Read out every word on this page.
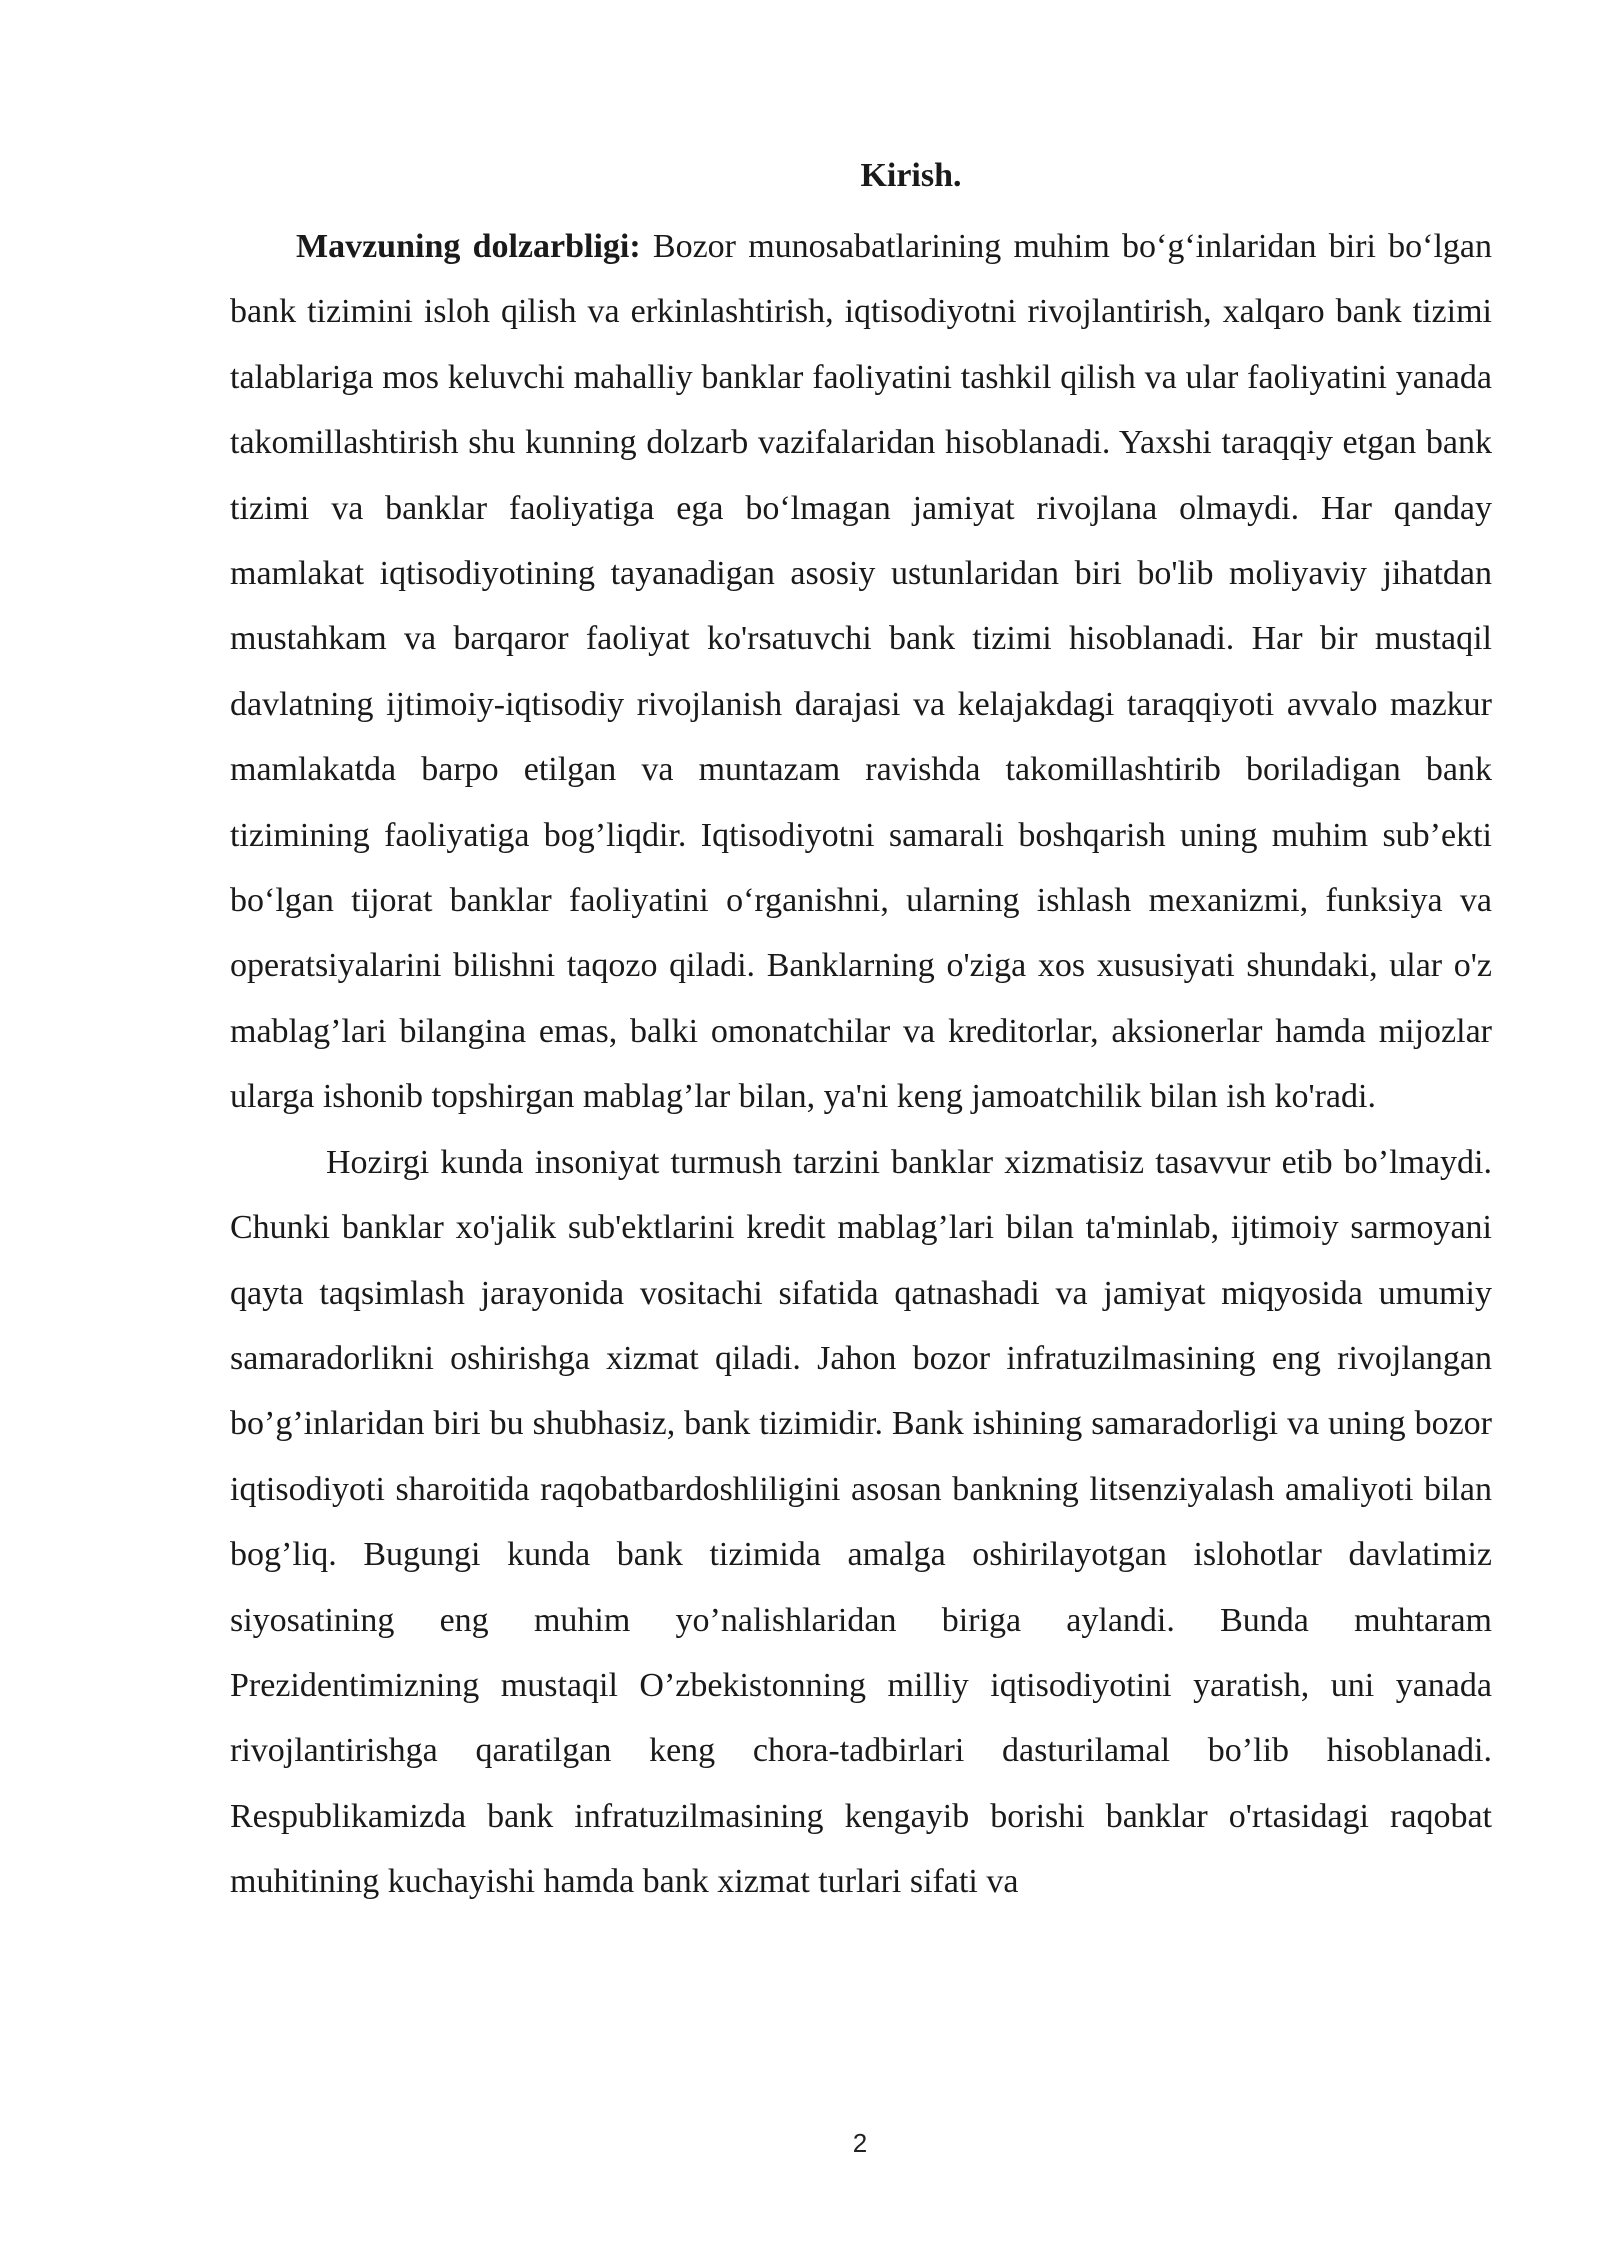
Kirish.

Mavzuning dolzarbligi: Bozor munosabatlarining muhim bo‘g‘inlaridan biri bo‘lgan bank tizimini isloh qilish va erkinlashtirish, iqtisodiyotni rivojlantirish, xalqaro bank tizimi talablariga mos keluvchi mahalliy banklar faoliyatini tashkil qilish va ular faoliyatini yanada takomillashtirish shu kunning dolzarb vazifalaridan hisoblanadi. Yaxshi taraqqiy etgan bank tizimi va banklar faoliyatiga ega bo‘lmagan jamiyat rivojlana olmaydi. Har qanday mamlakat iqtisodiyotining tayanadigan asosiy ustunlaridan biri bo'lib moliyaviy jihatdan mustahkam va barqaror faoliyat ko'rsatuvchi bank tizimi hisoblanadi. Har bir mustaqil davlatning ijtimoiy-iqtisodiy rivojlanish darajasi va kelajakdagi taraqqiyoti avvalo mazkur mamlakatda barpo etilgan va muntazam ravishda takomillashtirib boriladigan bank tizimining faoliyatiga bog’liqdir. Iqtisodiyotni samarali boshqarish uning muhim sub’ekti bo‘lgan tijorat banklar faoliyatini o‘rganishni, ularning ishlash mexanizmi, funksiya va operatsiyalarini bilishni taqozo qiladi. Banklarning o'ziga xos xususiyati shundaki, ular o'z mablag’lari bilangina emas, balki omonatchilar va kreditorlar, aksionerlar hamda mijozlar ularga ishonib topshirgan mablag’lar bilan, ya'ni keng jamoatchilik bilan ish ko'radi.

Hozirgi kunda insoniyat turmush tarzini banklar xizmatisiz tasavvur etib bo’lmaydi. Chunki banklar xo'jalik sub'ektlarini kredit mablag’lari bilan ta'minlab, ijtimoiy sarmoyani qayta taqsimlash jarayonida vositachi sifatida qatnashadi va jamiyat miqyosida umumiy samaradorlikni oshirishga xizmat qiladi. Jahon bozor infratuzilmasining eng rivojlangan bo’g’inlaridan biri bu shubhasiz, bank tizimidir. Bank ishining samaradorligi va uning bozor iqtisodiyoti sharoitida raqobatbardoshliligini asosan bankning litsenziyalash amaliyoti bilan bog’liq. Bugungi kunda bank tizimida amalga oshirilayotgan islohotlar davlatimiz siyosatining eng muhim yo’nalishlaridan biriga aylandi. Bunda muhtaram Prezidentimizning mustaqil O’zbekistonning milliy iqtisodiyotini yaratish, uni yanada rivojlantirishga qaratilgan keng chora-tadbirlari dasturilamal bo’lib hisoblanadi. Respublikamizda bank infratuzilmasining kengayib borishi banklar o'rtasidagi raqobat muhitining kuchayishi hamda bank xizmat turlari sifati va

2
